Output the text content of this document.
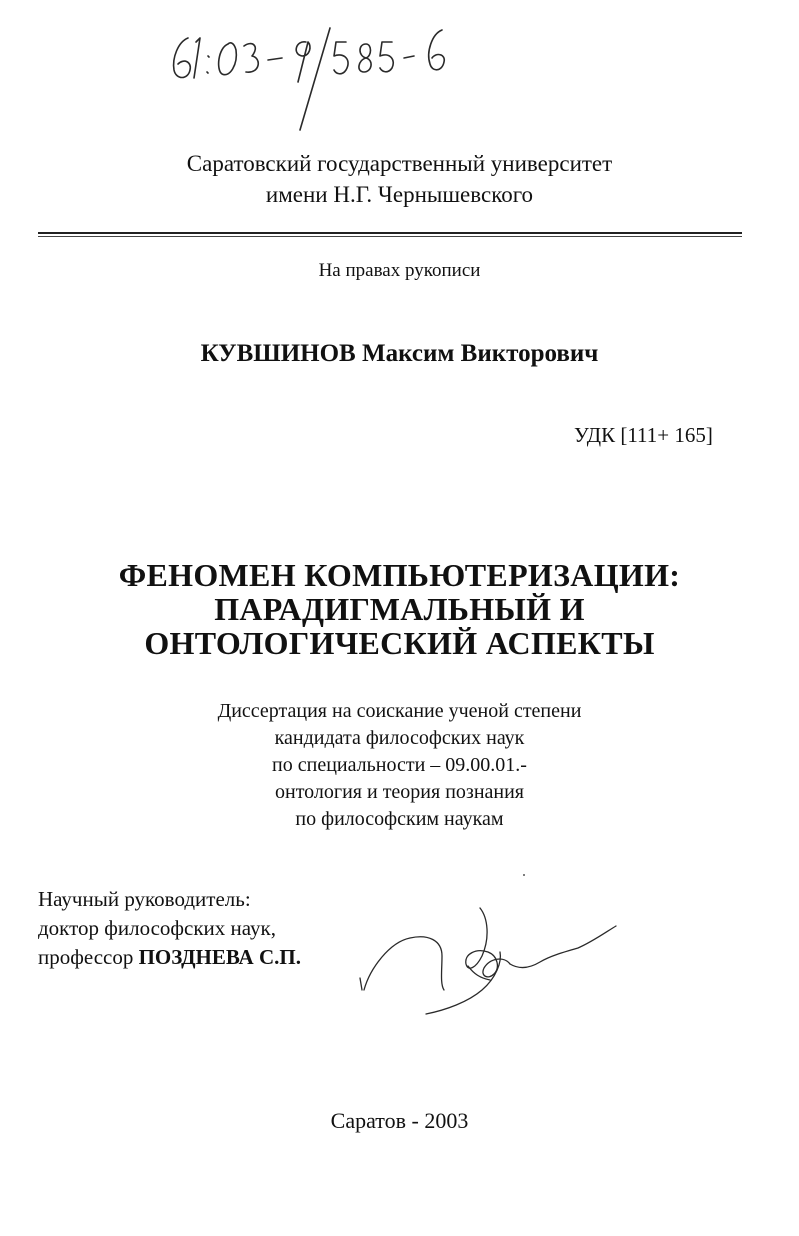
61: 03-9/585-6
Саратовский государственный университет
имени Н.Г. Чернышевского
На правах рукописи
КУВШИНОВ Максим Викторович
УДК [111+ 165]
ФЕНОМЕН КОМПЬЮТЕРИЗАЦИИ:
ПАРАДИГМАЛЬНЫЙ И
ОНТОЛОГИЧЕСКИЙ АСПЕКТЫ
Диссертация на соискание ученой степени
кандидата философских наук
по специальности – 09.00.01.-
онтология и теория познания
по философским наукам
Научный руководитель:
доктор философских наук,
профессор ПОЗДНЕВА С.П.
Саратов - 2003
